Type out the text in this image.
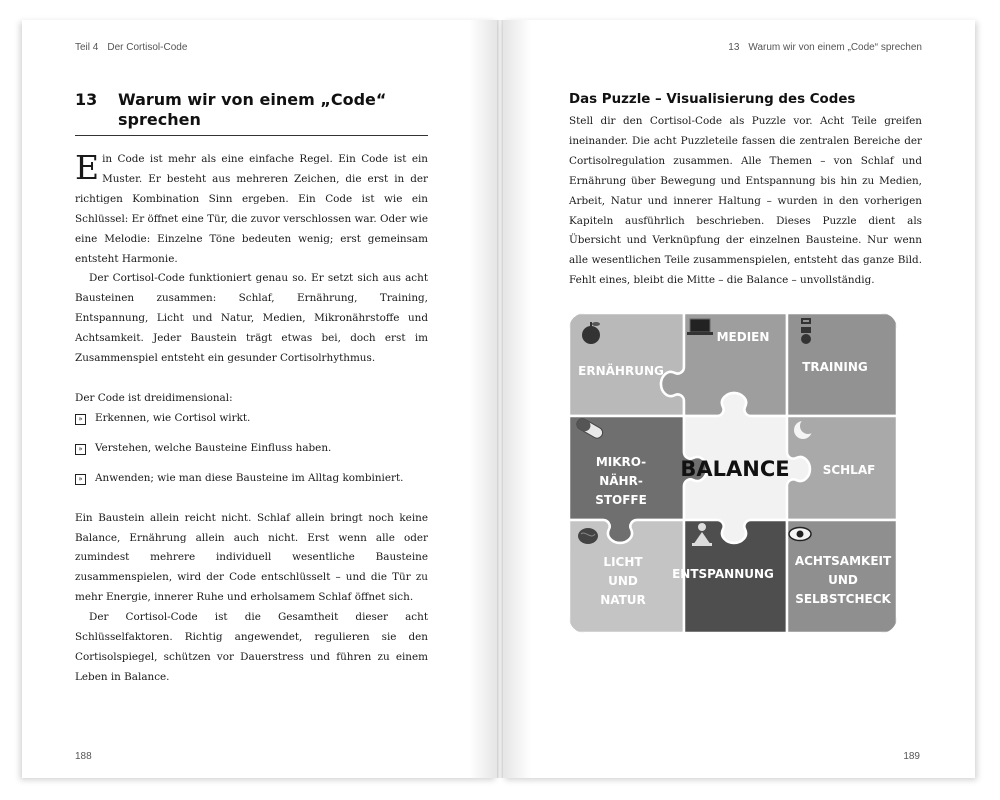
Teil 4 Der Cortisol-Code
13 Warum wir von einem „Code“ sprechen

Ein Code ist mehr als eine einfache Regel. Ein Code ist ein Muster. Er besteht aus mehreren Zeichen, die erst in der richtigen Kombination Sinn ergeben. Ein Code ist wie ein Schlüssel: Er öffnet eine Tür, die zuvor verschlossen war. Oder wie eine Melodie: Einzelne Töne bedeuten wenig; erst gemeinsam entsteht Harmonie.

Der Cortisol-Code funktioniert genau so. Er setzt sich aus acht Bausteinen zusammen: Schlaf, Ernährung, Training, Entspannung, Licht und Natur, Medien, Mikronährstoffe und Achtsamkeit. Jeder Baustein trägt etwas bei, doch erst im Zusammenspiel entsteht ein gesunder Cortisolrhythmus.

Der Code ist dreidimensional:

»	Erkennen, wie Cortisol wirkt.
»	Verstehen, welche Bausteine Einfluss haben.
»	Anwenden; wie man diese Bausteine im Alltag kombiniert.

Ein Baustein allein reicht nicht. Schlaf allein bringt noch keine Balance, Ernährung allein auch nicht. Erst wenn alle oder zumindest mehrere individuell wesentliche Bausteine zusammenspielen, wird der Code entschlüsselt – und die Tür zu mehr Energie, innerer Ruhe und erholsamem Schlaf öffnet sich.

Der Cortisol-Code ist die Gesamtheit dieser acht Schlüsselfaktoren. Richtig angewendet, regulieren sie den Cortisolspiegel, schützen vor Dauerstress und führen zu einem Leben in Balance.

188
13 Warum wir von einem „Code“ sprechen
Das Puzzle – Visualisierung des Codes

Stell dir den Cortisol-Code als Puzzle vor. Acht Teile greifen ineinander. Die acht Puzzleteile fassen die zentralen Bereiche der Cortisolregulation zusammen. Alle Themen – von Schlaf und Ernährung über Bewegung und Entspannung bis hin zu Medien, Arbeit, Natur und innerer Haltung – wurden in den vorherigen Kapiteln ausführlich beschrieben. Dieses Puzzle dient als Übersicht und Verknüpfung der einzelnen Bausteine. Nur wenn alle wesentlichen Teile zusammenspielen, entsteht das ganze Bild. Fehlt eines, bleibt die Mitte – die Balance – unvollständig.

ERNÄHRUNG
MEDIEN
TRAINING
MIKRO-
NÄHR-
STOFFE
BALANCE	SCHLAF
LICHT
UND
NATUR
ENTSPANNUNG
ACHTSAMKEIT
UND
SELBSTCHECK
189
